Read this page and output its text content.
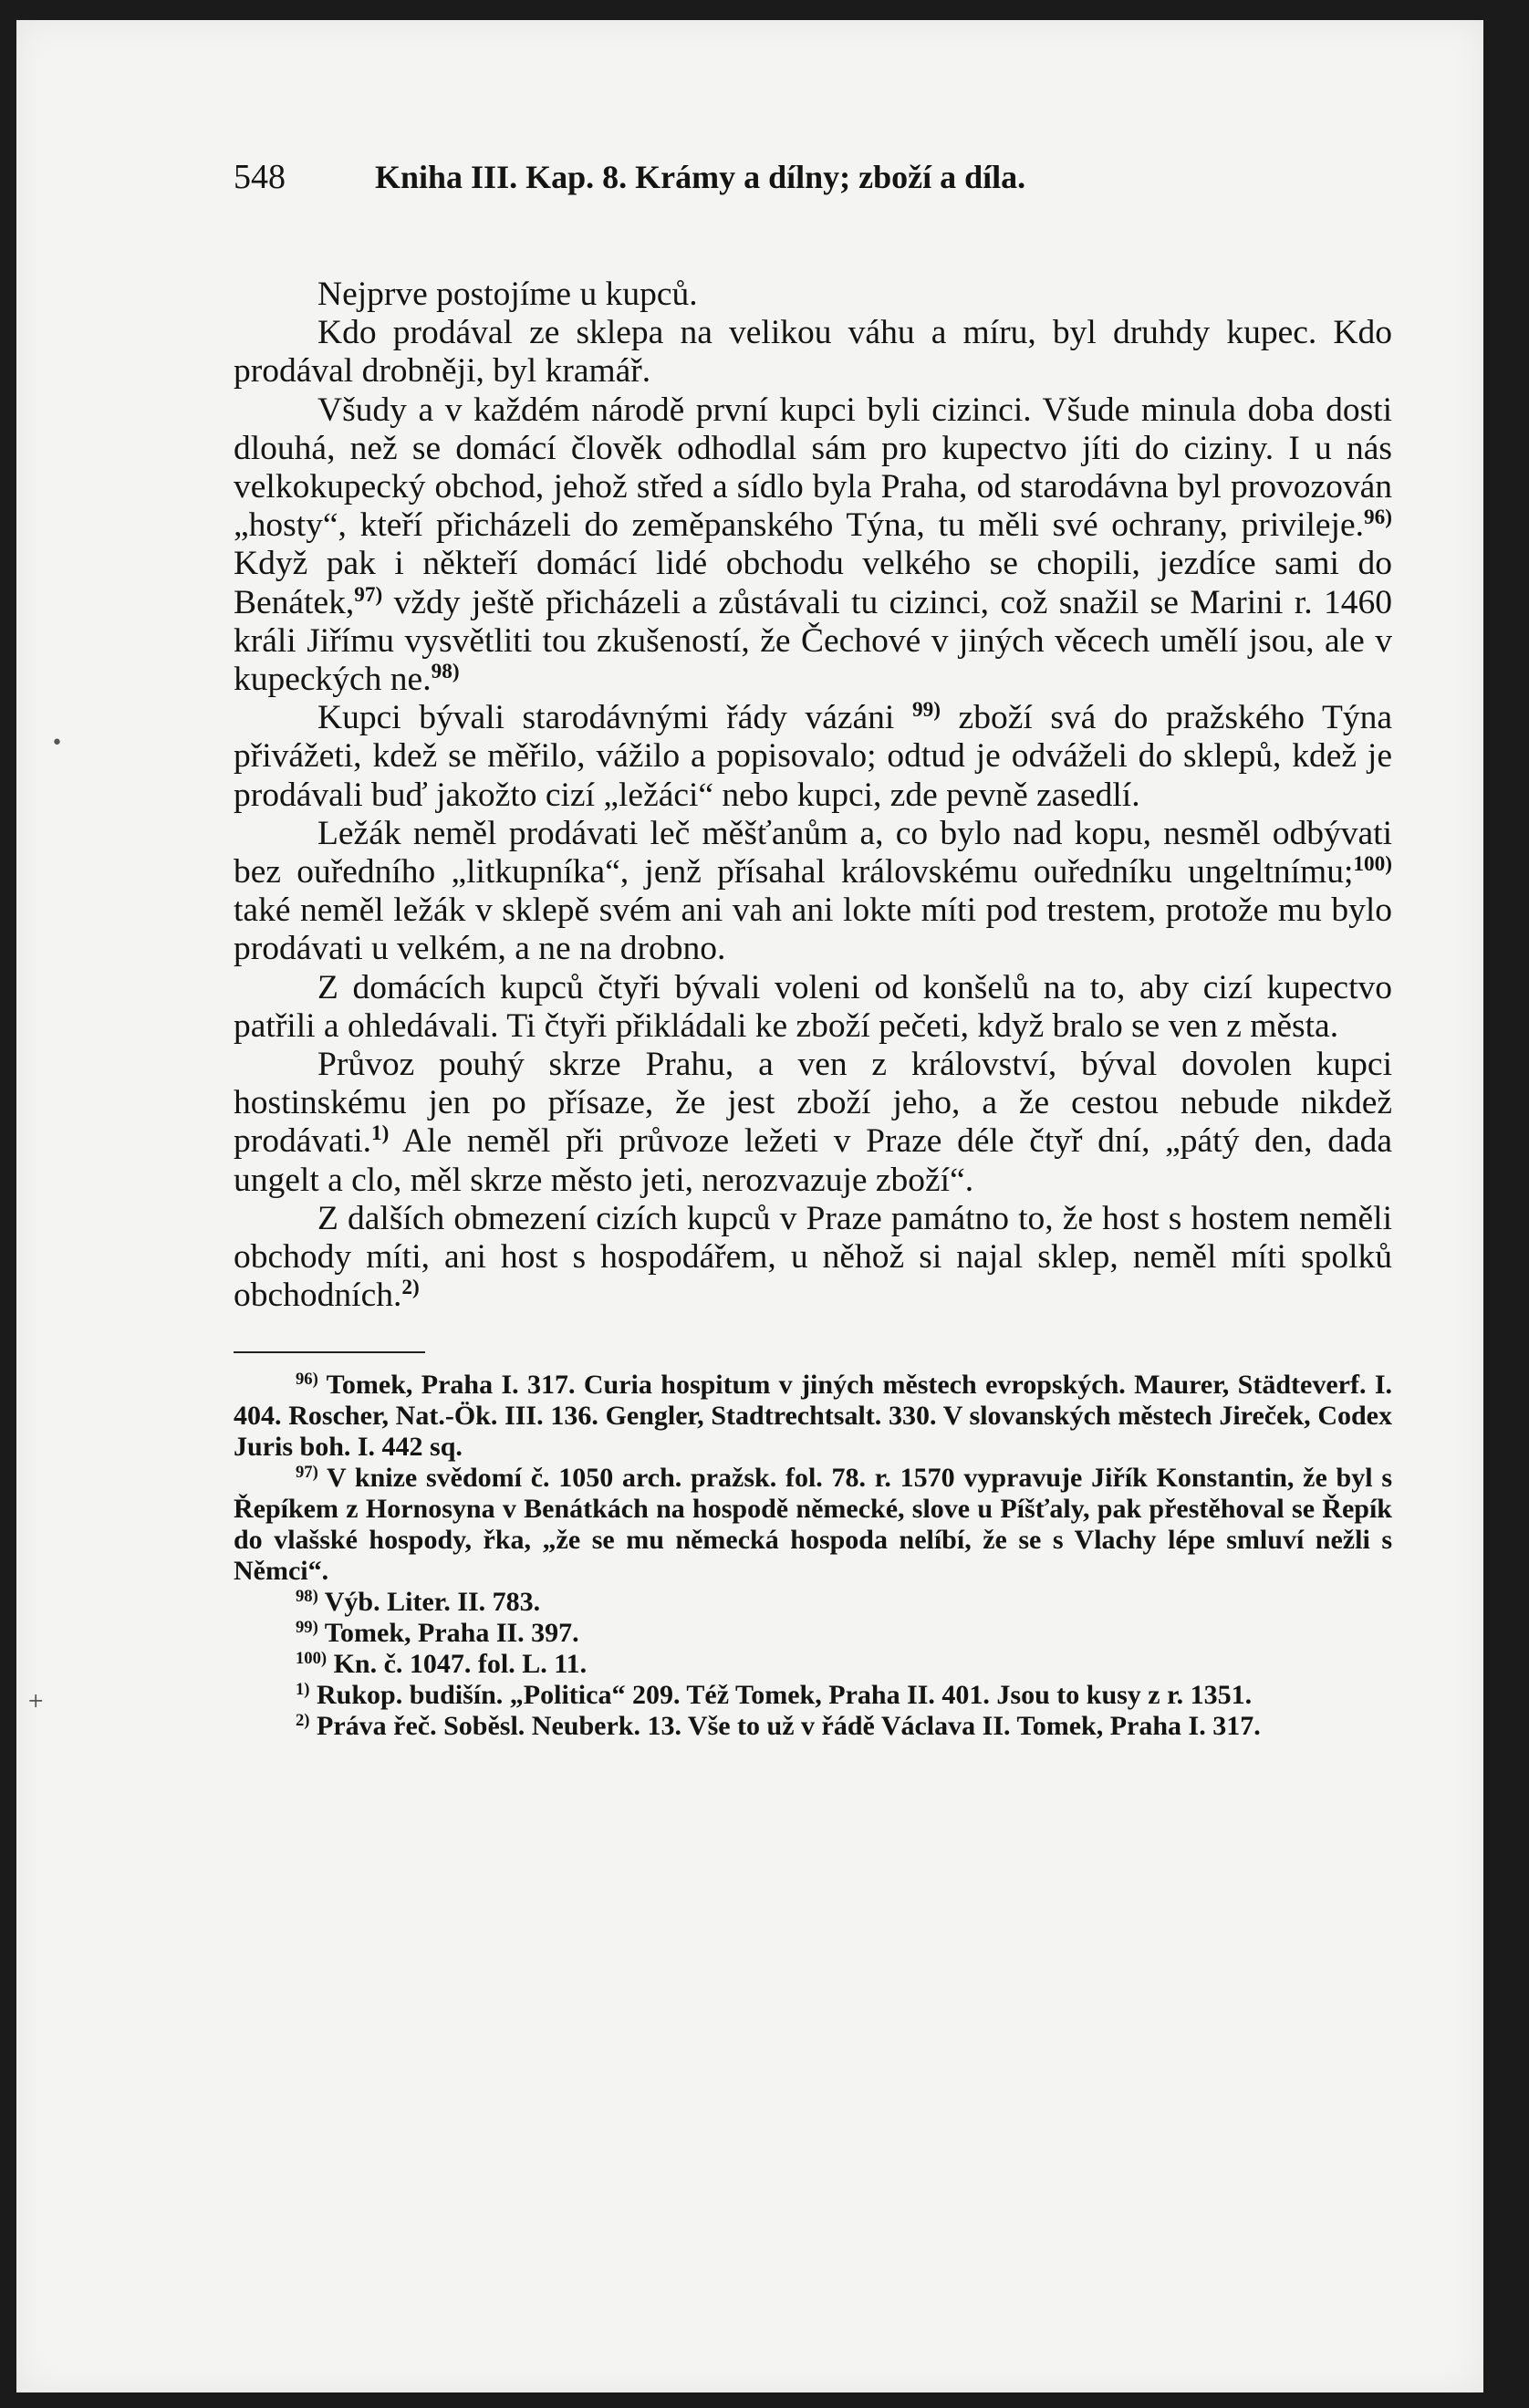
548	Kniha III. Kap. 8. Krámy a dílny; zboží a díla.

Nejprve postojíme u kupců.

Kdo prodával ze sklepa na velikou váhu a míru, byl druhdy kupec. Kdo prodával drobněji, byl kramář.

Všudy a v každém národě první kupci byli cizinci. Všude minula doba dosti dlouhá, než se domácí člověk odhodlal sám pro kupectvo jíti do ciziny. I u nás velkokupecký obchod, jehož střed a sídlo byla Praha, od starodávna byl provozován „hosty“, kteří přicházeli do zeměpanského Týna, tu měli své ochrany, privileje.$^{96)}$ Když pak i někteří domácí lidé obchodu velkého se chopili, jezdíce sami do Benátek,$^{97)}$ vždy ještě přicházeli a zůstávali tu cizinci, což snažil se Marini r. 1460 králi Jiřímu vysvětliti tou zkušeností, že Čechové v jiných věcech umělí jsou, ale v kupeckých ne.$^{98)}$

Kupci bývali starodávnými řády vázáni $^{99)}$ zboží svá do pražského Týna přivážeti, kdež se měřilo, vážilo a popisovalo; odtud je odváželi do sklepů, kdež je prodávali buď jakožto cizí „ležáci“ nebo kupci, zde pevně zasedlí.

Ležák neměl prodávati leč měšťanům a, co bylo nad kopu, nesměl odbývati bez ouředního „litkupníka“, jenž přísahal královskému ouředníku ungeltnímu;$^{100)}$ také neměl ležák v sklepě svém ani vah ani lokte míti pod trestem, protože mu bylo prodávati u velkém, a ne na drobno.

Z domácích kupců čtyři bývali voleni od konšelů na to, aby cizí kupectvo patřili a ohledávali. Ti čtyři přikládali ke zboží pečeti, když bralo se ven z města.

Průvoz pouhý skrze Prahu, a ven z království, býval dovolen kupci hostinskému jen po přísaze, že jest zboží jeho, a že cestou nebude nikdež prodávati.$^{1)}$ Ale neměl při průvoze ležeti v Praze déle čtyř dní, „pátý den, dada ungelt a clo, měl skrze město jeti, nerozvazuje zboží“.

Z dalších obmezení cizích kupců v Praze památno to, že host s hostem neměli obchody míti, ani host s hospodářem, u něhož si najal sklep, neměl míti spolků obchodních.$^{2)}$

$^{96)}$ Tomek, Praha I. 317. Curia hospitum v jiných městech evropských. Maurer, Städteverf. I. 404. Roscher, Nat.-Ök. III. 136. Gengler, Stadtrechtsalt. 330. V slovanských městech Jireček, Codex Juris boh. I. 442 sq.

$^{97)}$ V knize svědomí č. 1050 arch. pražsk. fol. 78. r. 1570 vypravuje Jiřík Konstantin, že byl s Řepíkem z Hornosyna v Benátkách na hospodě německé, slove u Píšťaly, pak přestěhoval se Řepík do vlašské hospody, řka, „že se mu německá hospoda nelíbí, že se s Vlachy lépe smluví nežli s Němci“.

$^{98)}$ Výb. Liter. II. 783.

$^{99)}$ Tomek, Praha II. 397.

$^{100)}$ Kn. č. 1047. fol. L. 11.

$^{1)}$ Rukop. budišín. „Politica“ 209. Též Tomek, Praha II. 401. Jsou to kusy z r. 1351.

$^{2)}$ Práva řeč. Soběsl. Neuberk. 13. Vše to už v řádě Václava II. Tomek, Praha I. 317.

•
+
